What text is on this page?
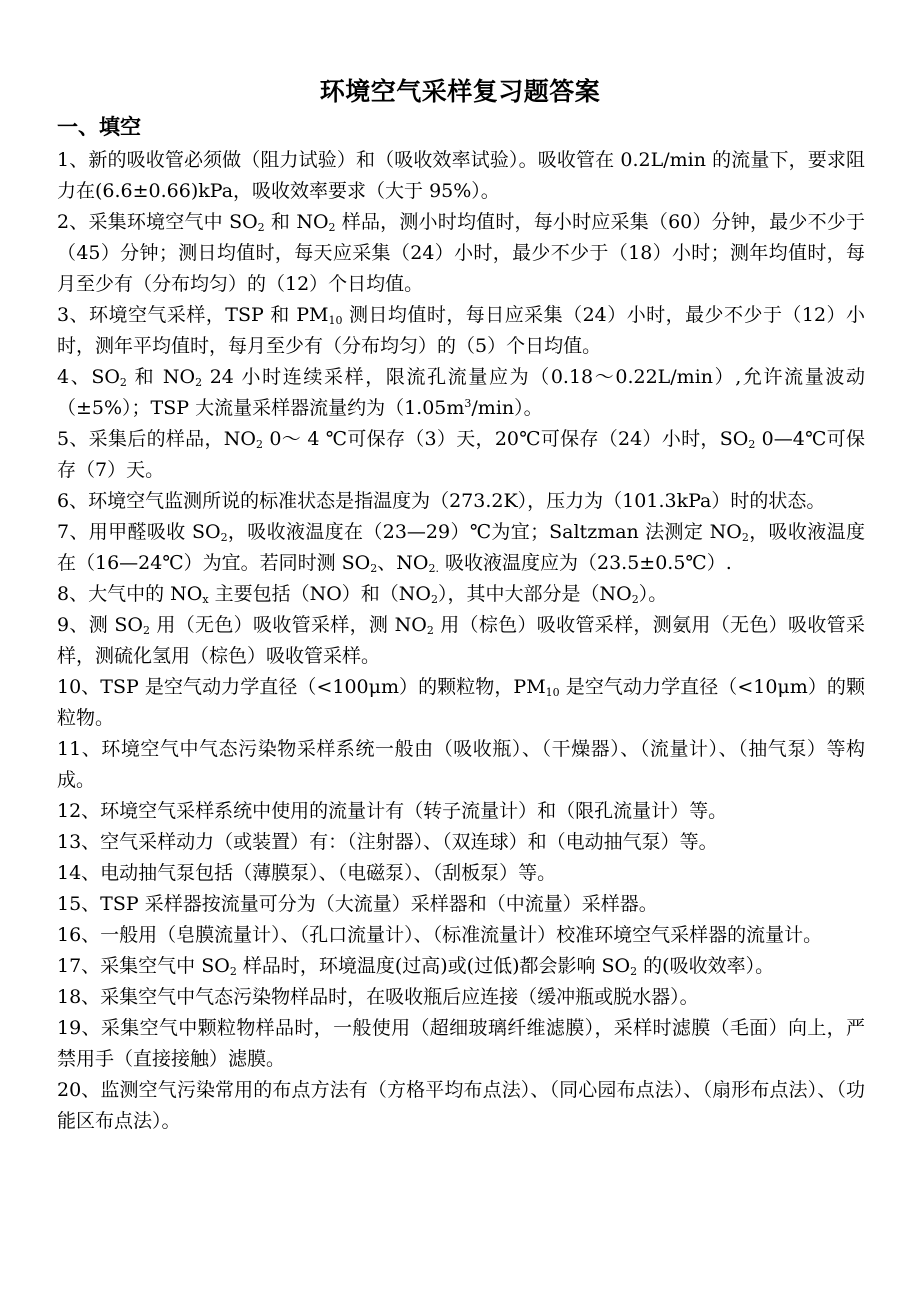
环境空气采样复习题答案
一、填空

1、新的吸收管必须做（阻力试验）和（吸收效率试验）。吸收管在 0.2L/min 的流量下，要求阻力在(6.6±0.66)kPa，吸收效率要求（大于 95%）。

2、采集环境空气中 $SO_2$ 和 $NO_2$ 样品，测小时均值时，每小时应采集（60）分钟，最少不少于（45）分钟；测日均值时，每天应采集（24）小时，最少不少于（18）小时；测年均值时，每月至少有（分布均匀）的（12）个日均值。

3、环境空气采样，TSP 和 $PM_{10}$ 测日均值时，每日应采集（24）小时，最少不少于（12）小时，测年平均值时，每月至少有（分布均匀）的（5）个日均值。

4、$SO_2$ 和 $NO_2$ 24 小时连续采样，限流孔流量应为（0.18～0.22L/min）,允许流量波动（±5%）；TSP 大流量采样器流量约为$(1.05m^3/\min)$。

5、采集后的样品，$NO_2$ 0～ 4 ℃可保存（3）天，20℃可保存（24）小时，$SO_2$ 0—4℃可保存（7）天。

6、环境空气监测所说的标准状态是指温度为（273.2K），压力为（101.3kPa）时的状态。

7、用甲醛吸收 $SO_2$，吸收液温度在（23—29）℃为宜；Saltzman 法测定 $NO_2$，吸收液温度在（16—24℃）为宜。若同时测 $SO_2$、$NO_{2.}$ 吸收液温度应为（23.5±0.5℃）.

8、大气中的 $NO_x$ 主要包括（NO）和$(NO_2)$，其中大部分是$(NO_2)$。

9、测 $SO_2$ 用（无色）吸收管采样，测 $NO_2$ 用（棕色）吸收管采样，测氨用（无色）吸收管采样，测硫化氢用（棕色）吸收管采样。

10、TSP 是空气动力学直径（<100μm）的颗粒物，$PM_{10}$ 是空气动力学直径（<10μm）的颗粒物。

11、环境空气中气态污染物采样系统一般由（吸收瓶）、（干燥器）、（流量计）、（抽气泵）等构成。

12、环境空气采样系统中使用的流量计有（转子流量计）和（限孔流量计）等。

13、空气采样动力（或装置）有：（注射器）、（双连球）和（电动抽气泵）等。

14、电动抽气泵包括（薄膜泵）、（电磁泵）、（刮板泵）等。

15、TSP 采样器按流量可分为（大流量）采样器和（中流量）采样器。

16、一般用（皂膜流量计）、（孔口流量计）、（标准流量计）校准环境空气采样器的流量计。

17、采集空气中 $SO_2$ 样品时，环境温度(过高)或(过低)都会影响 $SO_2$ 的(吸收效率）。

18、采集空气中气态污染物样品时，在吸收瓶后应连接（缓冲瓶或脱水器）。

19、采集空气中颗粒物样品时，一般使用（超细玻璃纤维滤膜），采样时滤膜（毛面）向上，严禁用手（直接接触）滤膜。

20、监测空气污染常用的布点方法有（方格平均布点法）、（同心园布点法）、（扇形布点法）、（功能区布点法）。
